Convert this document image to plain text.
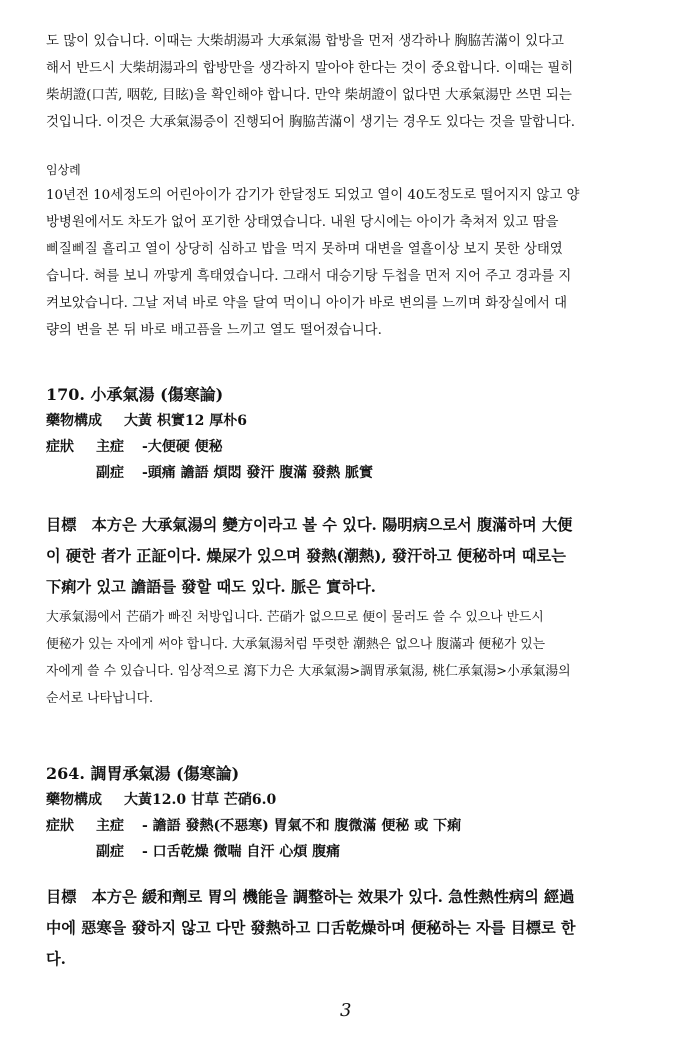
도 많이 있습니다. 이때는 大柴胡湯과 大承氣湯 합방을 먼저 생각하나 胸脇苦滿이 있다고
해서 반드시 大柴胡湯과의 합방만을 생각하지 말아야 한다는 것이 중요합니다. 이때는 필히
柴胡證(口苦, 咽乾, 目眩)을 확인해야 합니다. 만약 柴胡證이 없다면 大承氣湯만 쓰면 되는
것입니다. 이것은 大承氣湯증이 진행되어 胸脇苦滿이 생기는 경우도 있다는 것을 말합니다.

임상례

10년전 10세정도의 어린아이가 감기가 한달정도 되었고 열이 40도정도로 떨어지지 않고 양
방병원에서도 차도가 없어 포기한 상태였습니다. 내원 당시에는 아이가 축쳐저 있고 땀을
삐질삐질 흘리고 열이 상당히 심하고 밥을 먹지 못하며 대변을 열흘이상 보지 못한 상태였
습니다. 혀를 보니 까맣게 흑태였습니다. 그래서 대승기탕 두첩을 먼저 지어 주고 경과를 지
켜보았습니다. 그날 저녁 바로 약을 달여 먹이니 아이가 바로 변의를 느끼며 화장실에서 대
량의 변을 본 뒤 바로 배고픔을 느끼고 열도 떨어졌습니다.

170. 小承氣湯 (傷寒論)

藥物構成 大黃 枳實12 厚朴6
症狀 主症 -大便硬 便秘
副症 -頭痛 譫語 煩悶 發汗 腹滿 發熱 脈實

目標　本方은 大承氣湯의 變方이라고 볼 수 있다. 陽明病으로서 腹滿하며 大便
이 硬한 者가 正証이다. 燥屎가 있으며 發熱(潮熱), 發汗하고 便秘하며 때로는
下痢가 있고 譫語를 發할 때도 있다. 脈은 實하다.

大承氣湯에서 芒硝가 빠진 처방입니다. 芒硝가 없으므로 便이 물러도 쓸 수 있으나 반드시
便秘가 있는 자에게 써야 합니다. 大承氣湯처럼 뚜렷한 潮熱은 없으나 腹滿과 便秘가 있는
자에게 쓸 수 있습니다. 임상적으로 瀉下力은 大承氣湯>調胃承氣湯, 桃仁承氣湯>小承氣湯의
순서로 나타납니다.

264. 調胃承氣湯 (傷寒論)

藥物構成 大黃12.0 甘草 芒硝6.0
症狀 主症 - 譫語 發熱(不惡寒) 胃氣不和 腹微滿 便秘 或 下痢
副症 - 口舌乾燥 微喘 自汗 心煩 腹痛

目標　本方은 緩和劑로 胃의 機能을 調整하는 效果가 있다. 急性熱性病의 經過
中에 惡寒을 發하지 않고 다만 發熱하고 口舌乾燥하며 便秘하는 자를 目標로 한
다.

3
